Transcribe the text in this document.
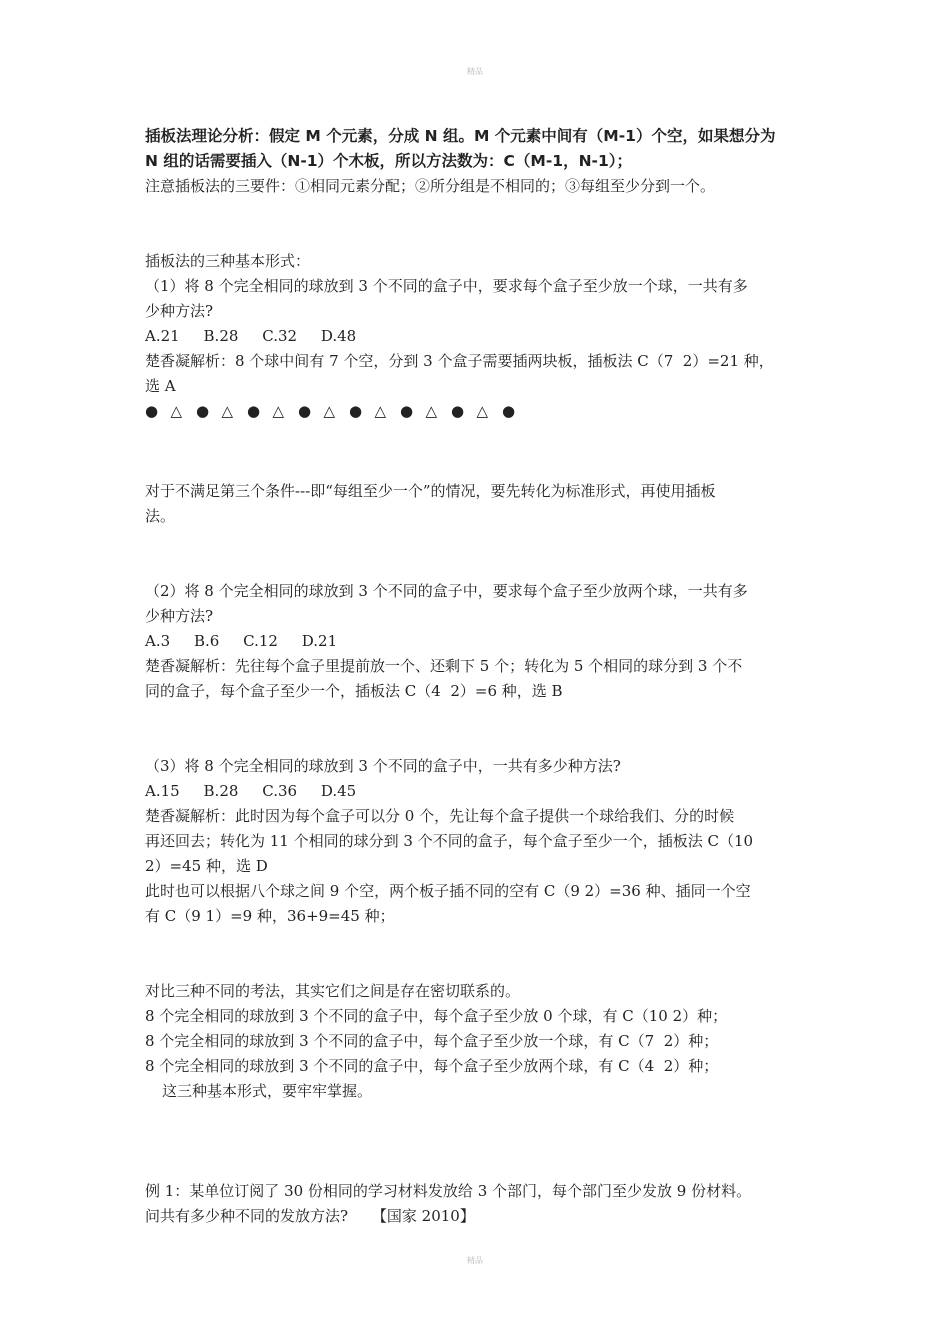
精品

插板法理论分析：假定 M 个元素，分成 N 组。M 个元素中间有（M-1）个空，如果想分为

N 组的话需要插入（N-1）个木板，所以方法数为：C（M-1，N-1）；

注意插板法的三要件：①相同元素分配；②所分组是不相同的；③每组至少分到一个。

插板法的三种基本形式：

（1）将 8 个完全相同的球放到 3 个不同的盒子中，要求每个盒子至少放一个球，一共有多

少种方法?

A.21     B.28     C.32     D.48

楚香凝解析：8 个球中间有 7 个空，分到 3 个盒子需要插两块板，插板法 C（7  2）=21 种，

选 A

● △ ● △ ● △ ● △ ● △ ● △ ● △ ●

对于不满足第三个条件---即“每组至少一个”的情况，要先转化为标准形式，再使用插板

法。

（2）将 8 个完全相同的球放到 3 个不同的盒子中，要求每个盒子至少放两个球，一共有多

少种方法?

A.3     B.6     C.12     D.21

楚香凝解析：先往每个盒子里提前放一个、还剩下 5 个；转化为 5 个相同的球分到 3 个不

同的盒子，每个盒子至少一个，插板法 C（4  2）=6 种，选 B

（3）将 8 个完全相同的球放到 3 个不同的盒子中，一共有多少种方法?

A.15     B.28     C.36     D.45

楚香凝解析：此时因为每个盒子可以分 0 个，先让每个盒子提供一个球给我们、分的时候

再还回去；转化为 11 个相同的球分到 3 个不同的盒子，每个盒子至少一个，插板法 C（10

2）=45 种，选 D

此时也可以根据八个球之间 9 个空，两个板子插不同的空有 C（9 2）=36 种、插同一个空

有 C（9 1）=9 种，36+9=45 种；

对比三种不同的考法，其实它们之间是存在密切联系的。

8 个完全相同的球放到 3 个不同的盒子中，每个盒子至少放 0 个球，有 C（10 2）种；

8 个完全相同的球放到 3 个不同的盒子中，每个盒子至少放一个球，有 C（7  2）种；

8 个完全相同的球放到 3 个不同的盒子中，每个盒子至少放两个球，有 C（4  2）种；

这三种基本形式，要牢牢掌握。

例 1：某单位订阅了 30 份相同的学习材料发放给 3 个部门，每个部门至少发放 9 份材料。

问共有多少种不同的发放方法?     【国家 2010】

精品
